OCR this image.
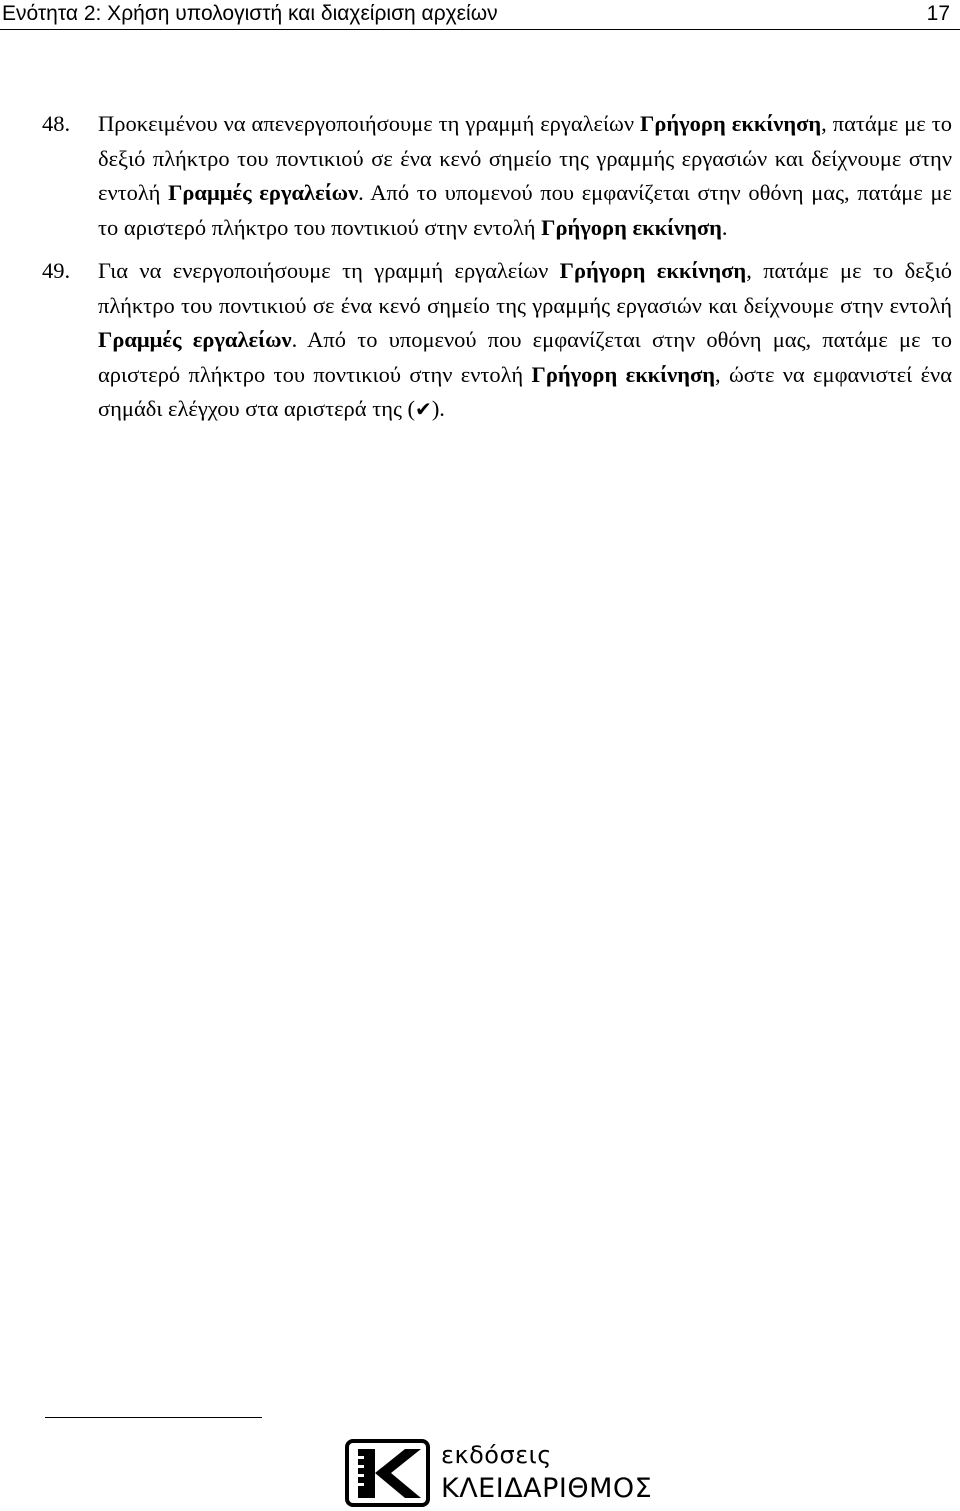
Ενότητα 2: Χρήση υπολογιστή και διαχείριση αρχείων	17
48. Προκειμένου να απενεργοποιήσουμε τη γραμμή εργαλείων Γρήγορη εκκίνηση, πατάμε με το δεξιό πλήκτρο του ποντικιού σε ένα κενό σημείο της γραμμής εργασιών και δείχνουμε στην εντολή Γραμμές εργαλείων. Από το υπομενού που εμφανίζεται στην οθόνη μας, πατάμε με το αριστερό πλήκτρο του ποντικιού στην εντολή Γρήγορη εκκίνηση.
49. Για να ενεργοποιήσουμε τη γραμμή εργαλείων Γρήγορη εκκίνηση, πατάμε με το δεξιό πλήκτρο του ποντικιού σε ένα κενό σημείο της γραμμής εργασιών και δείχνουμε στην εντολή Γραμμές εργαλείων. Από το υπομενού που εμφανίζεται στην οθόνη μας, πατάμε με το αριστερό πλήκτρο του ποντικιού στην εντολή Γρήγορη εκκίνηση, ώστε να εμφανιστεί ένα σημάδι ελέγχου στα αριστερά της (✔).
εκδόσεις
ΚΛΕΙΔΑΡΙΘΜΟΣ
